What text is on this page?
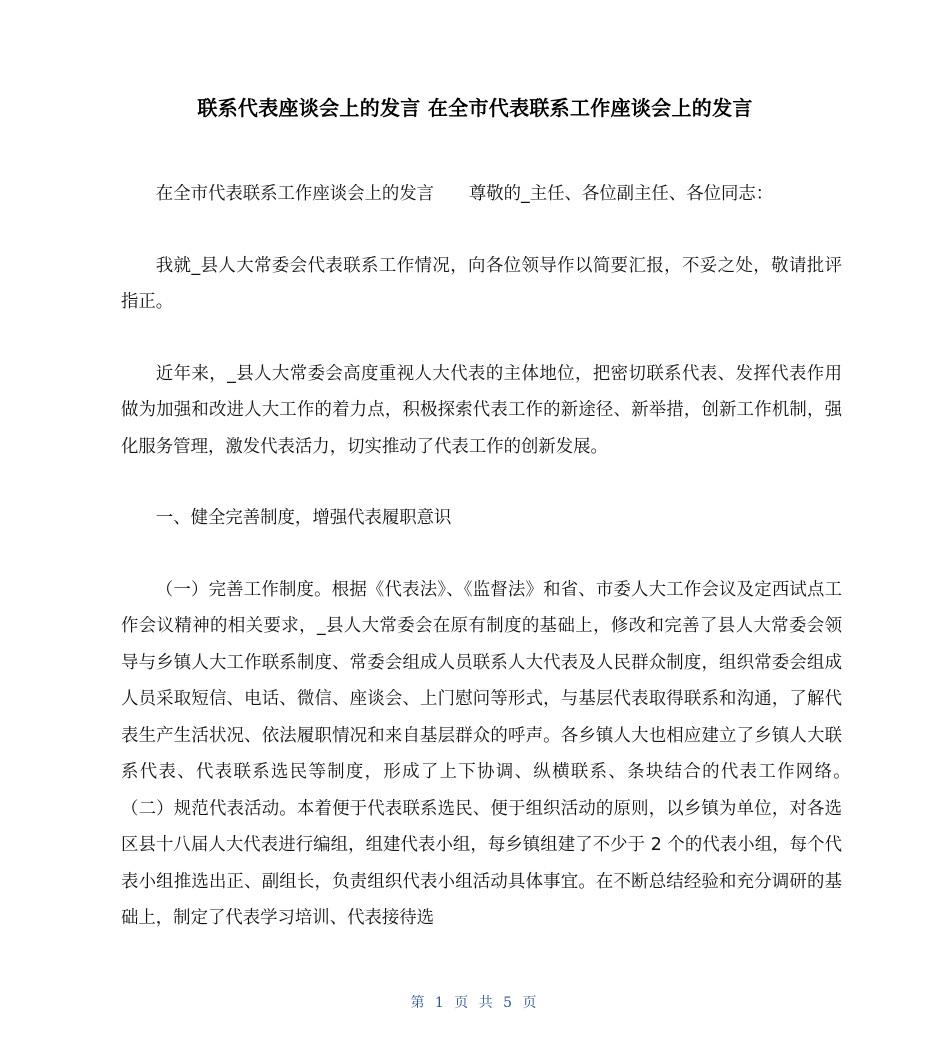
联系代表座谈会上的发言 在全市代表联系工作座谈会上的发言

在全市代表联系工作座谈会上的发言　　尊敬的_主任、各位副主任、各位同志：

我就_县人大常委会代表联系工作情况，向各位领导作以简要汇报，不妥之处，敬请批评指正。

近年来，_县人大常委会高度重视人大代表的主体地位，把密切联系代表、发挥代表作用做为加强和改进人大工作的着力点，积极探索代表工作的新途径、新举措，创新工作机制，强化服务管理，激发代表活力，切实推动了代表工作的创新发展。

一、健全完善制度，增强代表履职意识

（一）完善工作制度。根据《代表法》、《监督法》和省、市委人大工作会议及定西试点工作会议精神的相关要求，_县人大常委会在原有制度的基础上，修改和完善了县人大常委会领导与乡镇人大工作联系制度、常委会组成人员联系人大代表及人民群众制度，组织常委会组成人员采取短信、电话、微信、座谈会、上门慰问等形式，与基层代表取得联系和沟通，了解代表生产生活状况、依法履职情况和来自基层群众的呼声。各乡镇人大也相应建立了乡镇人大联系代表、代表联系选民等制度，形成了上下协调、纵横联系、条块结合的代表工作网络。　　　　（二）规范代表活动。本着便于代表联系选民、便于组织活动的原则，以乡镇为单位，对各选区县十八届人大代表进行编组，组建代表小组，每乡镇组建了不少于 2 个的代表小组，每个代表小组推选出正、副组长，负责组织代表小组活动具体事宜。在不断总结经验和充分调研的基础上，制定了代表学习培训、代表接待选

第 1 页 共 5 页
